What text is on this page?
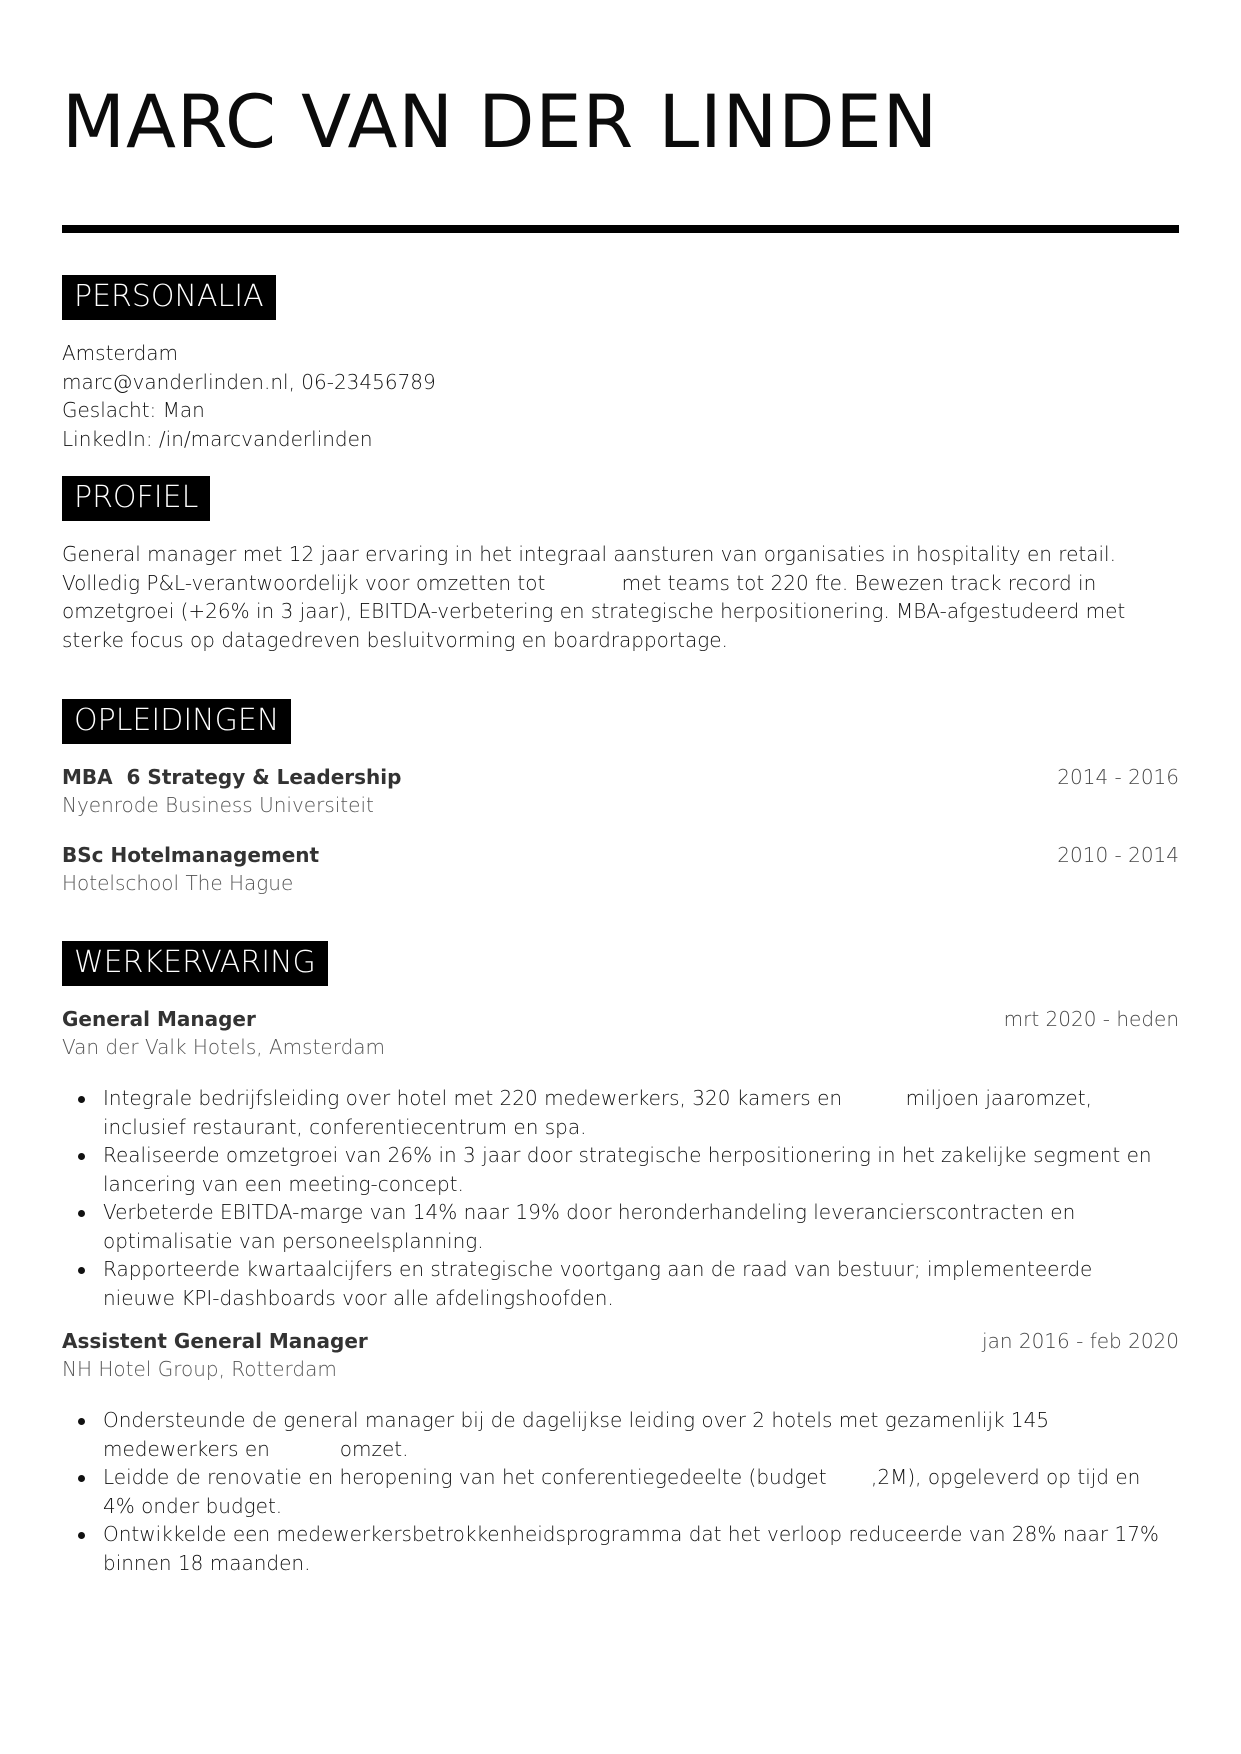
MARC VAN DER LINDEN
PERSONALIA
Amsterdam
marc@vanderlinden.nl, 06-23456789
Geslacht: Man
LinkedIn: /in/marcvanderlinden
PROFIEL
General manager met 12 jaar ervaring in het integraal aansturen van organisaties in hospitality en retail.
Volledig P&L-verantwoordelijk voor omzetten tot            met teams tot 220 fte. Bewezen track record in
omzetgroei (+26% in 3 jaar), EBITDA-verbetering en strategische herpositionering. MBA-afgestudeerd met
sterke focus op datagedreven besluitvorming en boardrapportage.
OPLEIDINGEN
MBA  6 Strategy & Leadership
Nyenrode Business Universiteit
2014 - 2016
BSc Hotelmanagement
Hotelschool The Hague
2010 - 2014
WERKERVARING
General Manager
Van der Valk Hotels, Amsterdam
mrt 2020 - heden
Integrale bedrijfsleiding over hotel met 220 medewerkers, 320 kamers en          miljoen jaaromzet,
inclusief restaurant, conferentiecentrum en spa.
Realiseerde omzetgroei van 26% in 3 jaar door strategische herpositionering in het zakelijke segment en
lancering van een meeting-concept.
Verbeterde EBITDA-marge van 14% naar 19% door heronderhandeling leverancierscontracten en
optimalisatie van personeelsplanning.
Rapporteerde kwartaalcijfers en strategische voortgang aan de raad van bestuur; implementeerde
nieuwe KPI-dashboards voor alle afdelingshoofden.
Assistent General Manager
NH Hotel Group, Rotterdam
jan 2016 - feb 2020
Ondersteunde de general manager bij de dagelijkse leiding over 2 hotels met gezamenlijk 145
medewerkers en           omzet.
Leidde de renovatie en heropening van het conferentiegedeelte (budget       ,2M), opgeleverd op tijd en
4% onder budget.
Ontwikkelde een medewerkersbetrokkenheidsprogramma dat het verloop reduceerde van 28% naar 17%
binnen 18 maanden.
